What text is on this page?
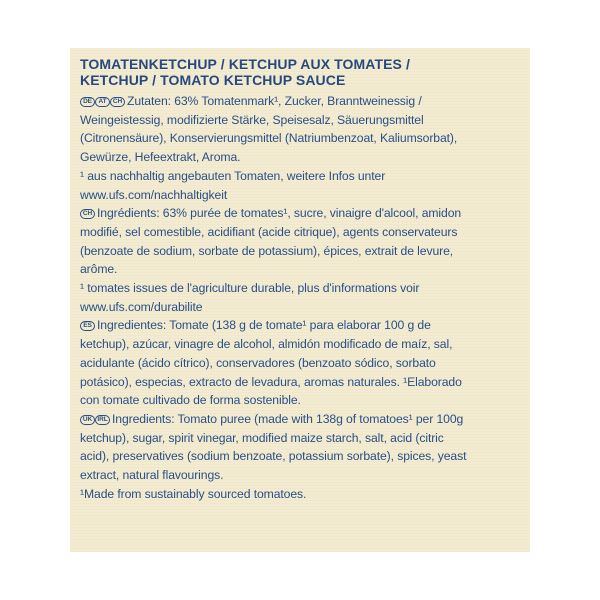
TOMATENKETCHUP / KETCHUP AUX TOMATES /
KETCHUP / TOMATO KETCHUP SAUCE
DE AT CH Zutaten: 63% Tomatenmark¹, Zucker, Branntweinessig /
Weingeistessig, modifizierte Stärke, Speisesalz, Säuerungsmittel
(Citronensäure), Konservierungsmittel (Natriumbenzoat, Kaliumsorbat),
Gewürze, Hefeextrakt, Aroma.
¹ aus nachhaltig angebauten Tomaten, weitere Infos unter
www.ufs.com/nachhaltigkeit
CH Ingrédients: 63% purée de tomates¹, sucre, vinaigre d'alcool, amidon
modifié, sel comestible, acidifiant (acide citrique), agents conservateurs
(benzoate de sodium, sorbate de potassium), épices, extrait de levure,
arôme.
¹ tomates issues de l'agriculture durable, plus d'informations voir
www.ufs.com/durabilite
ES Ingredientes: Tomate (138 g de tomate¹ para elaborar 100 g de
ketchup), azúcar, vinagre de alcohol, almidón modificado de maíz, sal,
acidulante (ácido cítrico), conservadores (benzoato sódico, sorbato
potásico), especias, extracto de levadura, aromas naturales. ¹Elaborado
con tomate cultivado de forma sostenible.
UK IRL Ingredients: Tomato puree (made with 138g of tomatoes¹ per 100g
ketchup), sugar, spirit vinegar, modified maize starch, salt, acid (citric
acid), preservatives (sodium benzoate, potassium sorbate), spices, yeast
extract, natural flavourings.
¹Made from sustainably sourced tomatoes.
